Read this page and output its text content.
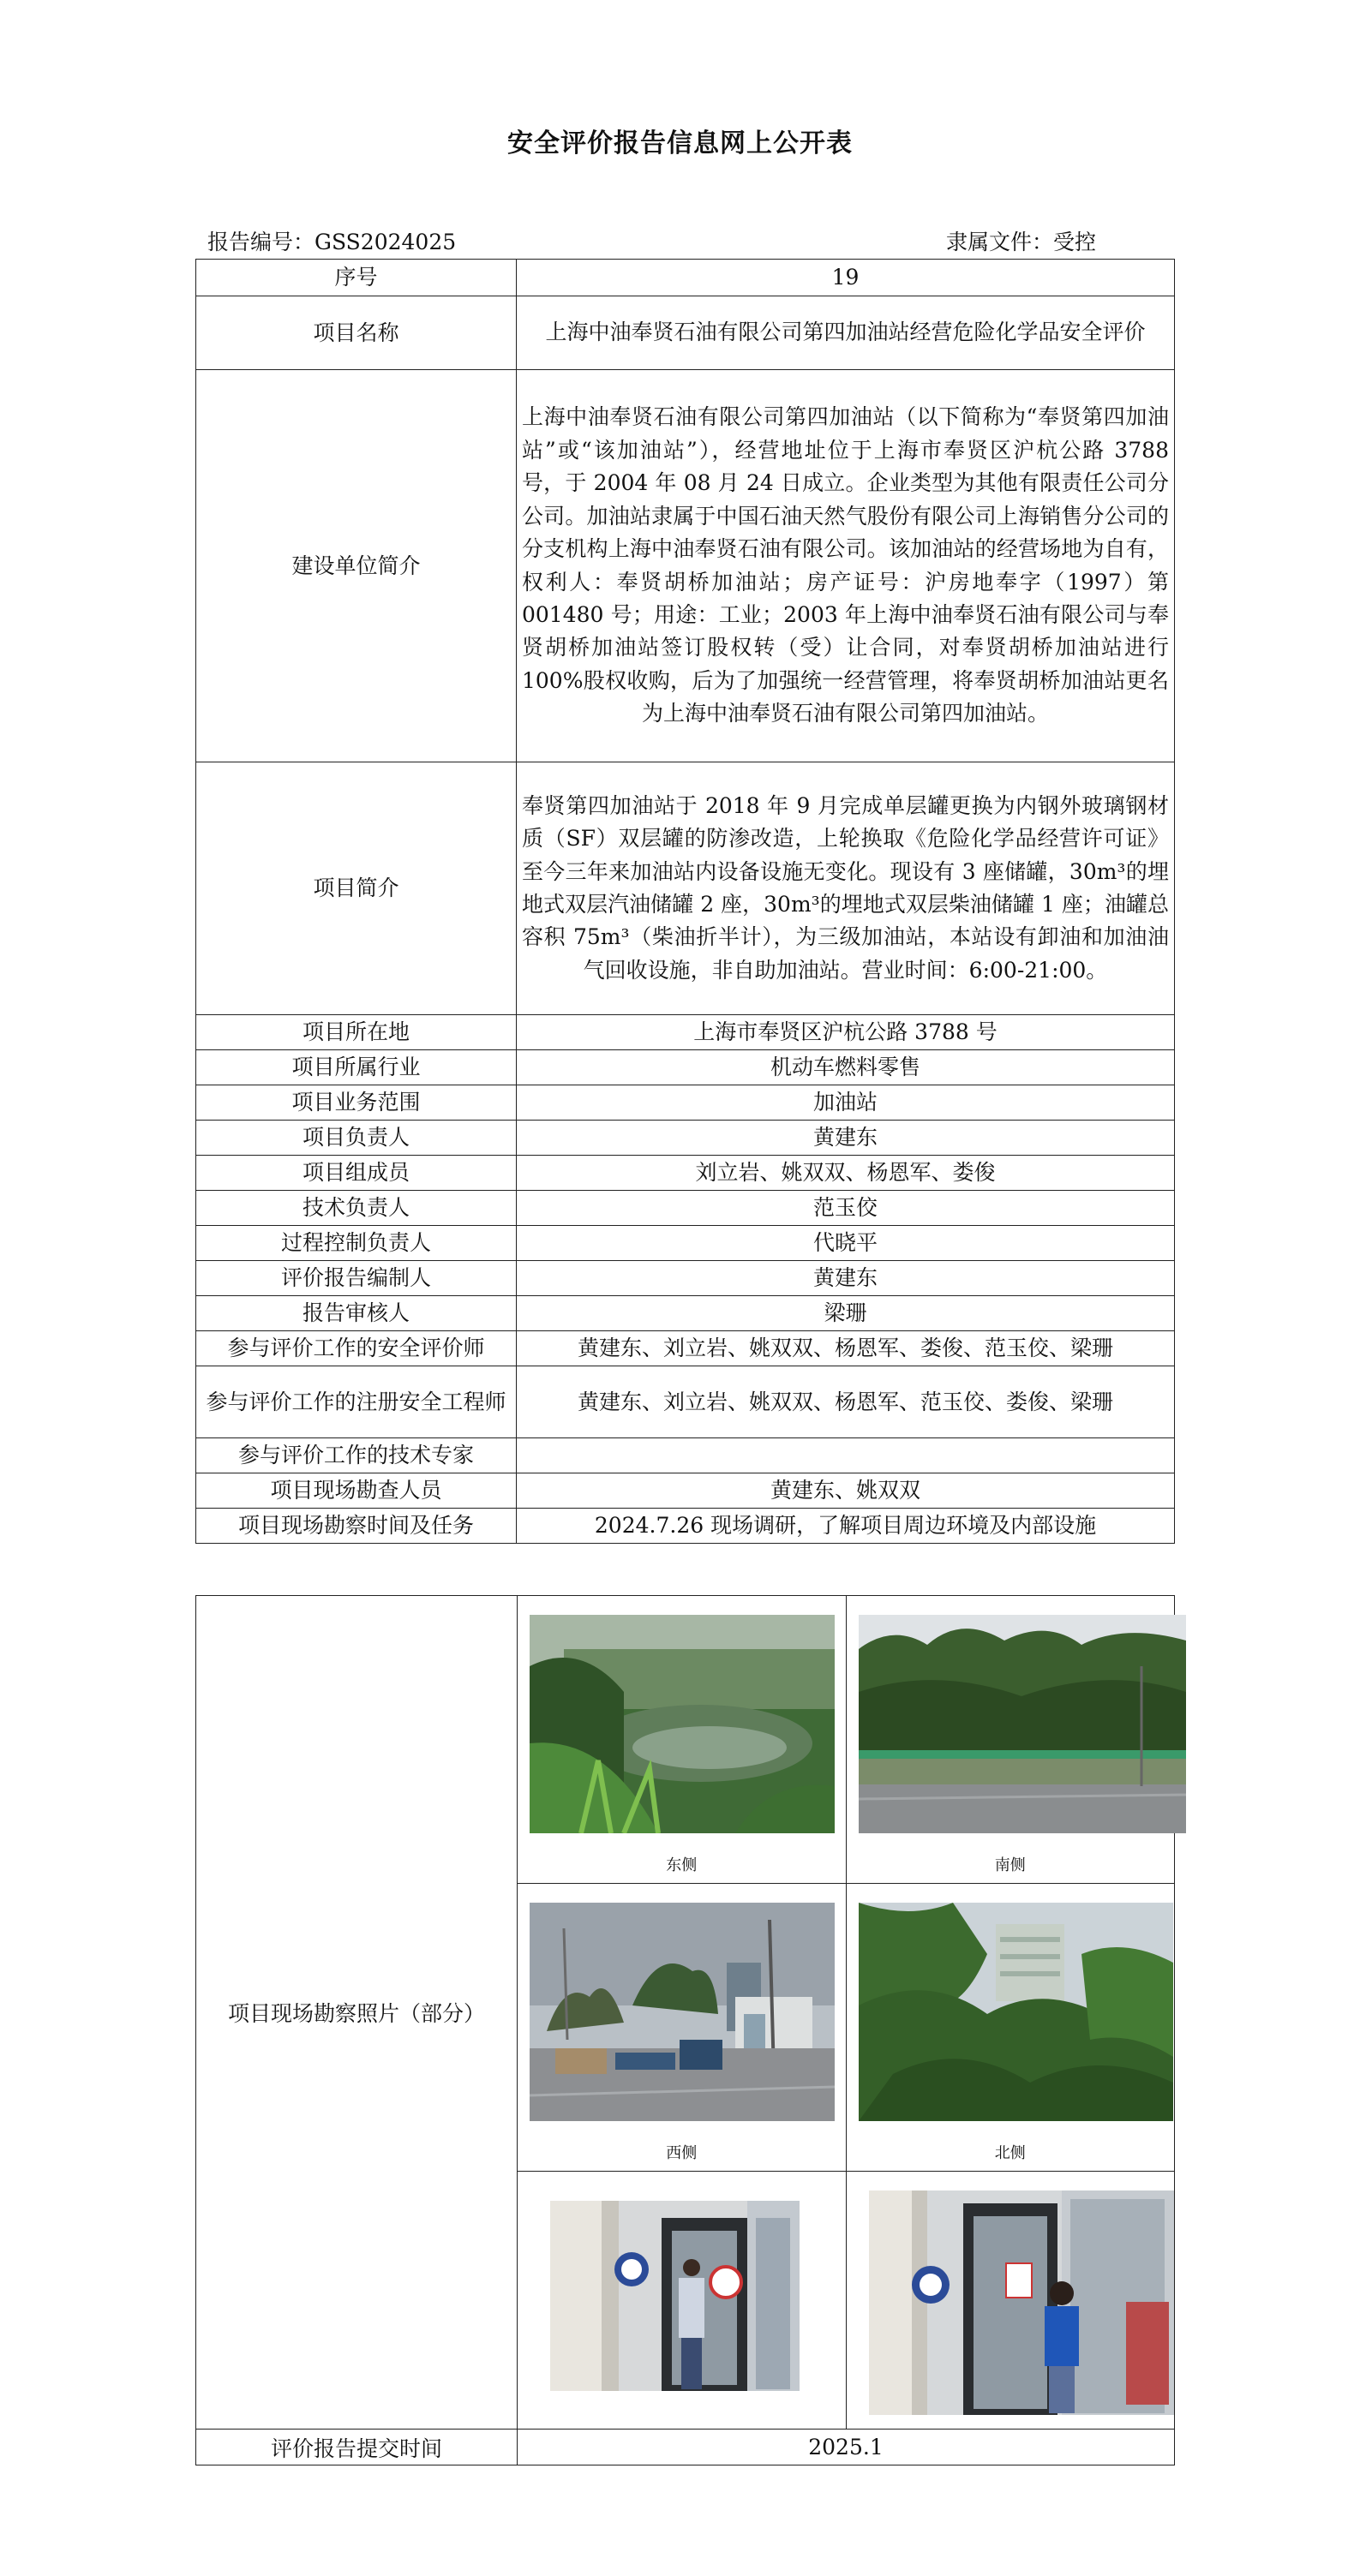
安全评价报告信息网上公开表
报告编号：GSS2024025	隶属文件：受控
序号	19
项目名称	上海中油奉贤石油有限公司第四加油站经营危险化学品安全评价
建设单位简介	上海中油奉贤石油有限公司第四加油站（以下简称为“奉贤第四加油站”或“该加油站”），经营地址位于上海市奉贤区沪杭公路 3788 号，于 2004 年 08 月 24 日成立。企业类型为其他有限责任公司分公司。加油站隶属于中国石油天然气股份有限公司上海销售分公司的分支机构上海中油奉贤石油有限公司。该加油站的经营场地为自有，权利人：奉贤胡桥加油站；房产证号：沪房地奉字（1997）第 001480 号；用途：工业；2003 年上海中油奉贤石油有限公司与奉贤胡桥加油站签订股权转（受）让合同，对奉贤胡桥加油站进行 100%股权收购，后为了加强统一经营管理，将奉贤胡桥加油站更名为上海中油奉贤石油有限公司第四加油站。
项目简介	奉贤第四加油站于 2018 年 9 月完成单层罐更换为内钢外玻璃钢材质（SF）双层罐的防渗改造，上轮换取《危险化学品经营许可证》至今三年来加油站内设备设施无变化。现设有 3 座储罐，30m³的埋地式双层汽油储罐 2 座，30m³的埋地式双层柴油储罐 1 座；油罐总容积 75m³（柴油折半计），为三级加油站，本站设有卸油和加油油气回收设施，非自助加油站。营业时间：6:00-21:00。
项目所在地	上海市奉贤区沪杭公路 3788 号
项目所属行业	机动车燃料零售
项目业务范围	加油站
项目负责人	黄建东
项目组成员	刘立岩、姚双双、杨恩军、娄俊
技术负责人	范玉佼
过程控制负责人	代晓平
评价报告编制人	黄建东
报告审核人	梁珊
参与评价工作的安全评价师	黄建东、刘立岩、姚双双、杨恩军、娄俊、范玉佼、梁珊
参与评价工作的注册安全工程师	黄建东、刘立岩、姚双双、杨恩军、范玉佼、娄俊、梁珊
参与评价工作的技术专家	
项目现场勘查人员	黄建东、姚双双
项目现场勘察时间及任务	2024.7.26 现场调研，了解项目周边环境及内部设施
项目现场勘察照片（部分）	东侧	南侧

	西侧	北侧

评价报告提交时间	2025.1	
